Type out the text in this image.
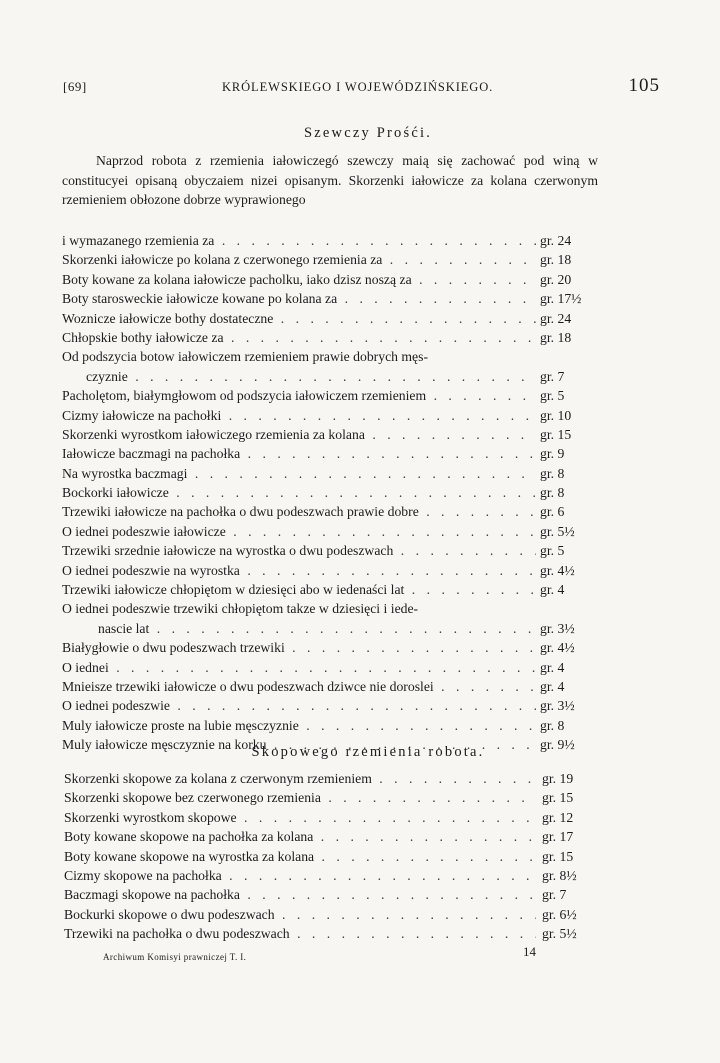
[69]	KRÓLEWSKIEGO I WOJEWÓDZIŃSKIEGO.	105
Szewczy Prośći.

Naprzod robota z rzemienia iałowiczegó szewczy maią się zachować pod winą w constitucyei opisaną obyczaiem nizei opisanym. Skorzenki iałowicze za kolana czerwonym rzemieniem obłozone dobrze wyprawionego

i wymazanego rzemienia za . . .	gr. 24
Skorzenki iałowicze po kolana z czerwonego rzemienia za . . .	gr. 18
Boty kowane za kolana iałowicze pacholku, iako dzisz noszą za . . .	gr. 20
Boty starosweckie iałowicze kowane po kolana za . . .	gr. 17½
Woznicze iałowicze bothy dostateczne . . .	gr. 24
Chłopskie bothy iałowicze za . . .	gr. 18
Od podszycia botow iałowiczem rzemieniem prawie dobrych męs-
czyznie . . .	gr. 7
Pacholętom, białymgłowom od podszycia iałowiczem rzemieniem . . .	gr. 5
Cizmy iałowicze na pachołki . . .	gr. 10
Skorzenki wyrostkom iałowiczego rzemienia za kolana . . .	gr. 15
Iałowicze baczmagi na pachołka . . .	gr. 9
Na wyrostka baczmagi . . .	gr. 8
Bockorki iałowicze . . .	gr. 8
Trzewiki iałowicze na pachołka o dwu podeszwach prawie dobre . . .	gr. 6
O iednei podeszwie iałowicze . . .	gr. 5½
Trzewiki srzednie iałowicze na wyrostka o dwu podeszwach . . .	gr. 5
O iednei podeszwie na wyrostka . . .	gr. 4½
Trzewiki iałowicze chłopiętom w dziesięci abo w iedenaści lat . . .	gr. 4
O iednei podeszwie trzewiki chłopiętom takze w dziesięci i iede-
nascie lat . . .	gr. 3½
Białygłowie o dwu podeszwach trzewiki . . .	gr. 4½
O iednei . . .	gr. 4
Mnieisze trzewiki iałowicze o dwu podeszwach dziwce nie doroslei . . .	gr. 4
O iednei podeszwie . . .	gr. 3½
Muly iałowicze proste na lubie męsczyznie . . .	gr. 8
Muly iałowicze męsczyznie na korku . . .	gr. 9½
Skopowego rzemienia robota.
Skorzenki skopowe za kolana z czerwonym rzemieniem . . .	gr. 19
Skorzenki skopowe bez czerwonego rzemienia . . .	gr. 15
Skorzenki wyrostkom skopowe . . .	gr. 12
Boty kowane skopowe na pachołka za kolana . . .	gr. 17
Boty kowane skopowe na wyrostka za kolana . . .	gr. 15
Cizmy skopowe na pachołka . . .	gr. 8½
Baczmagi skopowe na pachołka . . .	gr. 7
Bockurki skopowe o dwu podeszwach . . .	gr. 6½
Trzewiki na pachołka o dwu podeszwach . . .	gr. 5½
Archiwum Komisyi prawniczej T. I.	14
